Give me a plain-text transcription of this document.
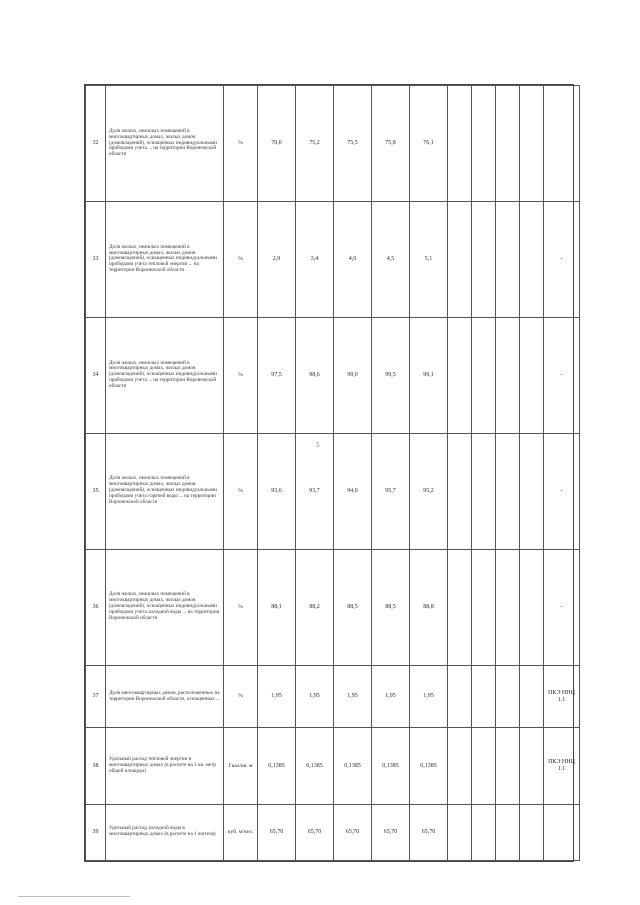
5
32	Доля жилых, нежилых помещений в многоквартирных домах, жилых домов (домовладений), оснащенных индивидуальными приборами учета ... на территории Воронежской области	%	70,0	75,2	75,5	75,8	76,1					
33	Доля жилых, нежилых помещений в многоквартирных домах, жилых домов (домовладений), оснащенных индивидуальными приборами учета тепловой энергии ... на территории Воронежской области	%	2,9	3,4	4,0	4,5	5,1					-
34	Доля жилых, нежилых помещений в многоквартирных домах, жилых домов (домовладений), оснащенных индивидуальными приборами учета ... на территории Воронежской области	%	97,5	98,6	99,0	99,5	99,1					-
35	Доля жилых, нежилых помещений в многоквартирных домах, жилых домов (домовладений), оснащенных индивидуальными приборами учета горячей воды ... на территории Воронежской области	%	93,6	93,7	94,0	95,7	95,2					-
36	Доля жилых, нежилых помещений в многоквартирных домах, жилых домов (домовладений), оснащенных индивидуальными приборами учета холодной воды ... на территории Воронежской области	%	88,1	88,2	88,5	88,5	88,8					-
37	Доля многоквартирных домов, расположенных на территории Воронежской области, оснащенных ...	%	1,95	1,95	1,95	1,95	1,95					ПКЭ ННЦ 1.1
38	Удельный расход тепловой энергии в многоквартирных домах (в расчете на 1 кв. метр общей площади)	Гкал/кв. м	0,1385	0,1385	0,1385	0,1385	0,1385					ПКЭ ННЦ 1.1
39	Удельный расход холодной воды в многоквартирных домах (в расчете на 1 жителя)	куб. м/чел.	65,70	65,70	65,70	65,70	65,70					
